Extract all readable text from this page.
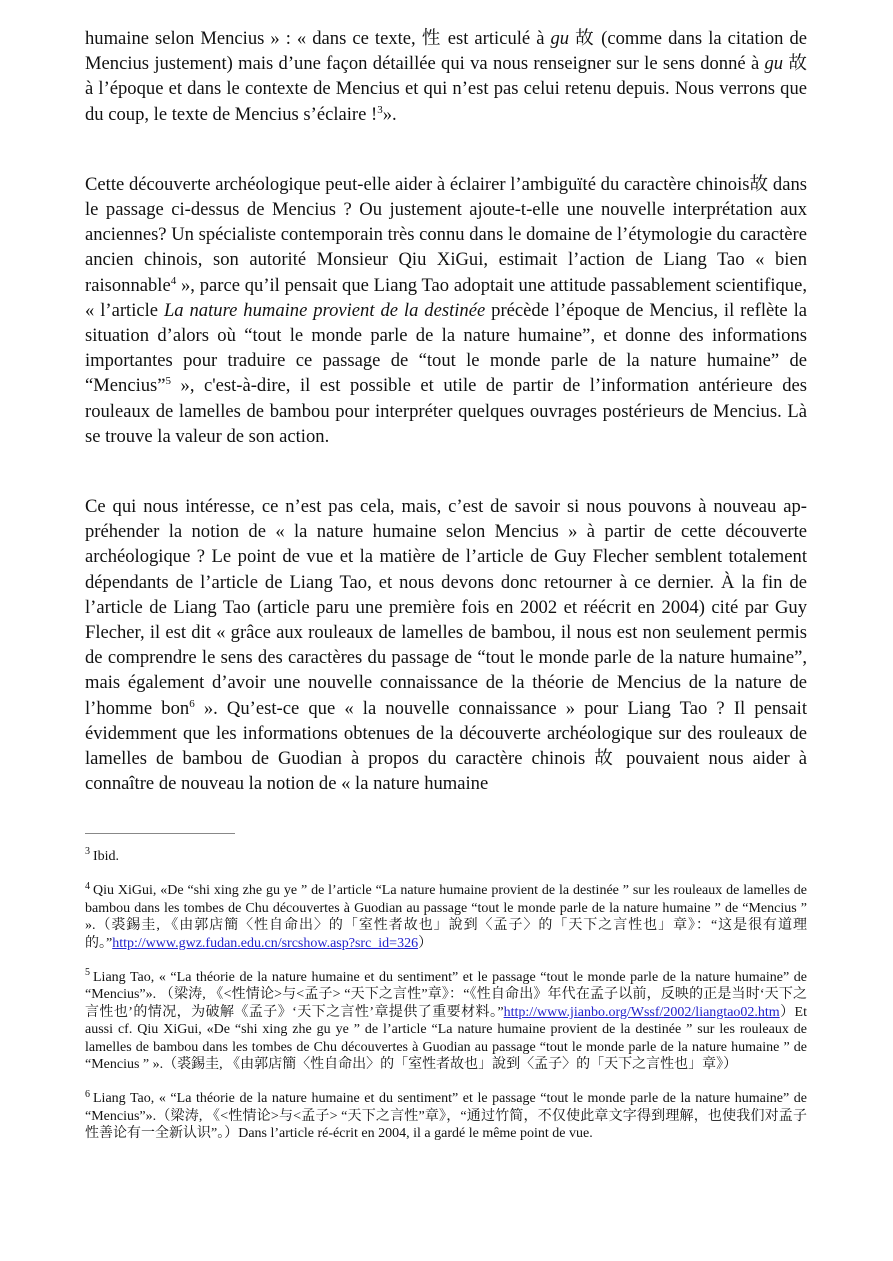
humaine selon Mencius » : « dans ce texte, 性 est articulé à gu 故 (comme dans la citation de Mencius justement) mais d’une façon détaillée qui va nous renseigner sur le sens donné à gu 故 à l’époque et dans le contexte de Mencius et qui n’est pas celui retenu depuis. Nous verrons que du coup, le texte de Mencius s’éclaire !$^3$».

Cette découverte archéologique peut-elle aider à éclairer l’ambiguïté du caractère chinois故 dans le passage ci-dessus de Mencius ? Ou justement ajoute-t-elle une nouvelle interprétation aux anciennes? Un spécialiste contemporain très connu dans le domaine de l’étymologie du caractère ancien chinois, son autorité Monsieur Qiu XiGui, estimait l’action de Liang Tao « bien raisonnable$^4$ », parce qu’il pensait que Liang Tao adoptait une attitude passablement scientifique, « l’article La nature humaine provient de la destinée précède l’époque de Mencius, il reflète la situation d’alors où “tout le monde parle de la nature humaine”, et donne des informations importantes pour traduire ce passage de “tout le monde parle de la nature humaine” de “Mencius”$^5$ », c'est-à-dire, il est possible et utile de partir de l’information antérieure des rouleaux de lamelles de bambou pour interpréter quelques ouvrages postérieurs de Mencius. Là se trouve la valeur de son action.

Ce qui nous intéresse, ce n’est pas cela, mais, c’est de savoir si nous pouvons à nouveau appréhender la notion de « la nature humaine selon Mencius » à partir de cette découverte archéologique ? Le point de vue et la matière de l’article de Guy Flecher semblent totalement dépendants de l’article de Liang Tao, et nous devons donc retourner à ce dernier. À la fin de l’article de Liang Tao (article paru une première fois en 2002 et réécrit en 2004) cité par Guy Flecher, il est dit « grâce aux rouleaux de lamelles de bambou, il nous est non seulement permis de comprendre le sens des caractères du passage de “tout le monde parle de la nature humaine”, mais également d’avoir une nouvelle connaissance de la théorie de Mencius de la nature de l’homme bon$^6$ ». Qu’est-ce que « la nouvelle connaissance » pour Liang Tao ? Il pensait évidemment que les informations obtenues de la découverte archéologique sur des rouleaux de lamelles de bambou de Guodian à propos du caractère chinois 故 pouvaient nous aider à connaître de nouveau la notion de « la nature humaine

$^3$ Ibid.

$^4$ Qiu XiGui, «De “shi xing zhe gu ye ” de l’article “La nature humaine provient de la destinée ” sur les rouleaux de lamelles de bambou dans les tombes de Chu découvertes à Guodian au passage “tout le monde parle de la nature humaine ” de “Mencius ” ».（裘錫圭, 《由郭店簡〈性自命出〉的「室性者故也」說到〈孟子〉的「天下之言性也」章》：“这是很有道理的。”http://www.gwz.fudan.edu.cn/srcshow.asp?src_id=326）

$^5$ Liang Tao, « “La théorie de la nature humaine et du sentiment” et le passage “tout le monde parle de la nature humaine” de “Mencius”». （梁涛, 《<性情论>与<孟子> “天下之言性”章》：“《性自命出》年代在孟子以前，反映的正是当时‘天下之言性也’的情况，为破解《孟子》‘天下之言性’章提供了重要材料。”http://www.jianbo.org/Wssf/2002/liangtao02.htm）Et aussi cf. Qiu XiGui, «De “shi xing zhe gu ye ” de l’article “La nature humaine provient de la destinée ” sur les rouleaux de lamelles de bambou dans les tombes de Chu découvertes à Guodian au passage “tout le monde parle de la nature humaine ” de “Mencius ” ».（裘錫圭, 《由郭店簡〈性自命出〉的「室性者故也」說到〈孟子〉的「天下之言性也」章》）

$^6$ Liang Tao, « “La théorie de la nature humaine et du sentiment” et le passage “tout le monde parle de la nature humaine” de “Mencius”».（梁涛, 《<性情论>与<孟子> “天下之言性”章》，“通过竹简，不仅使此章文字得到理解，也使我们对孟子性善论有一全新认识”。）Dans l’article ré-écrit en 2004, il a gardé le même point de vue.
